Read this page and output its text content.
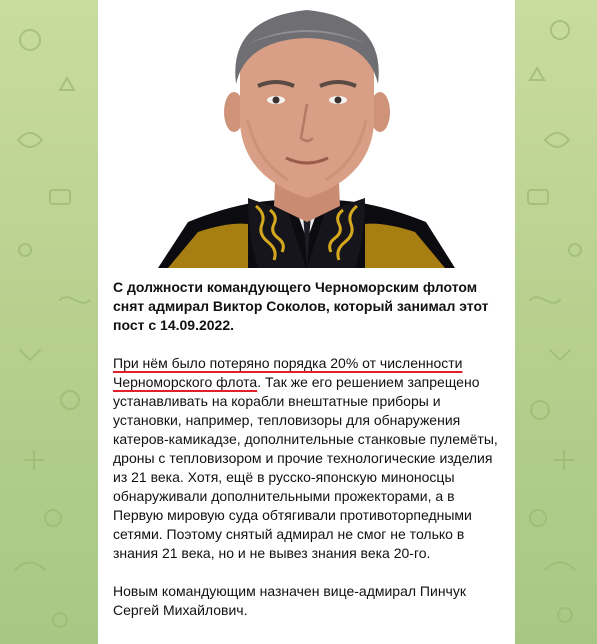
С должности командующего Черноморским флотом снят адмирал Виктор Соколов, который занимал этот пост с 14.09.2022.

При нём было потеряно порядка 20% от численности Черноморского флота. Так же его решением запрещено устанавливать на корабли внештатные приборы и установки, например, тепловизоры для обнаружения катеров-камикадзе, дополнительные станковые пулемёты, дроны с тепловизором и прочие технологические изделия из 21 века. Хотя, ещё в русско-японскую миноносцы обнаруживали дополнительными прожекторами, а в Первую мировую суда обтягивали противоторпедными сетями. Поэтому снятый адмирал не смог не только в знания 21 века, но и не вывез знания века 20-го.

Новым командующим назначен вице-адмирал Пинчук Сергей Михайлович.
